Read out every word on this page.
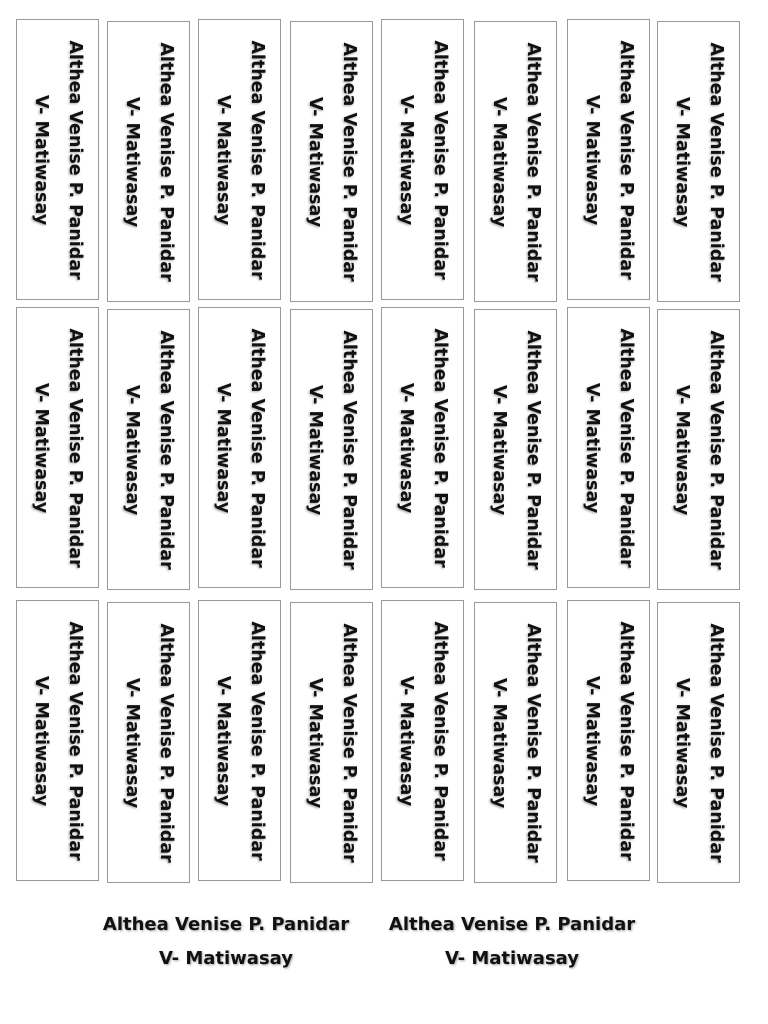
Althea Venise P. Panidar
V- Matiwasay	Althea Venise P. Panidar
V- Matiwasay	Althea Venise P. Panidar
V- Matiwasay	Althea Venise P. Panidar
V- Matiwasay	Althea Venise P. Panidar
V- Matiwasay	Althea Venise P. Panidar
V- Matiwasay	Althea Venise P. Panidar
V- Matiwasay	Althea Venise P. Panidar
V- Matiwasay
Althea Venise P. Panidar
V- Matiwasay	Althea Venise P. Panidar
V- Matiwasay	Althea Venise P. Panidar
V- Matiwasay	Althea Venise P. Panidar
V- Matiwasay	Althea Venise P. Panidar
V- Matiwasay	Althea Venise P. Panidar
V- Matiwasay	Althea Venise P. Panidar
V- Matiwasay	Althea Venise P. Panidar
V- Matiwasay
Althea Venise P. Panidar
V- Matiwasay	Althea Venise P. Panidar
V- Matiwasay	Althea Venise P. Panidar
V- Matiwasay	Althea Venise P. Panidar
V- Matiwasay	Althea Venise P. Panidar
V- Matiwasay	Althea Venise P. Panidar
V- Matiwasay	Althea Venise P. Panidar
V- Matiwasay	Althea Venise P. Panidar
V- Matiwasay
Althea Venise P. Panidar
V- Matiwasay
Althea Venise P. Panidar
V- Matiwasay
